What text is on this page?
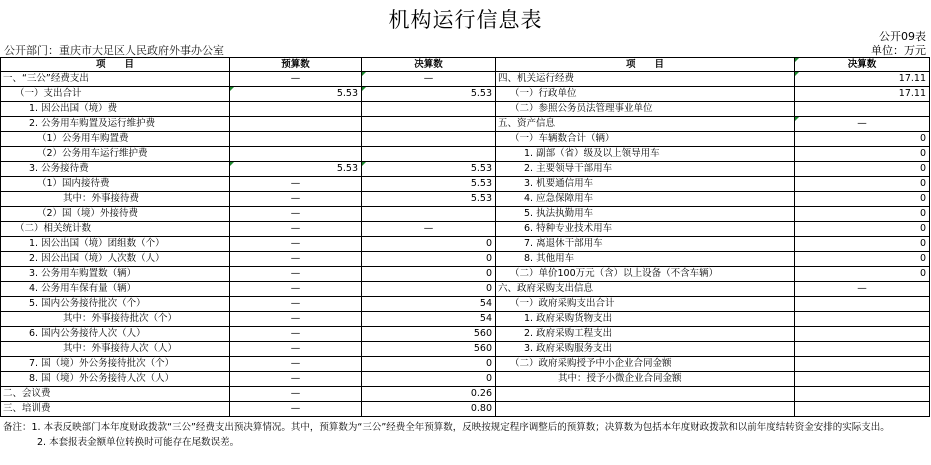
机构运行信息表
公开09表
公开部门：重庆市大足区人民政府外事办公室	单位：万元
项　　目	预算数	决算数	项　　目	决算数
一、“三公”经费支出	—	—	四、机关运行经费	17.11
（一）支出合计	5.53	5.53	（一）行政单位	17.11
1. 因公出国（境）费			（二）参照公务员法管理事业单位	
2. 公务用车购置及运行维护费			五、资产信息	—
（1）公务用车购置费			（一）车辆数合计（辆）	0
（2）公务用车运行维护费			1. 副部（省）级及以上领导用车	0
3. 公务接待费	5.53	5.53	2. 主要领导干部用车	0
（1）国内接待费	—	5.53	3. 机要通信用车	0
其中：外事接待费	—	5.53	4. 应急保障用车	0
（2）国（境）外接待费	—		5. 执法执勤用车	0
（二）相关统计数	—	—	6. 特种专业技术用车	0
1. 因公出国（境）团组数（个）	—	0	7. 离退休干部用车	0
2. 因公出国（境）人次数（人）	—	0	8. 其他用车	0
3. 公务用车购置数（辆）	—	0	（二）单价100万元（含）以上设备（不含车辆）	0
4. 公务用车保有量（辆）	—	0	六、政府采购支出信息	—
5. 国内公务接待批次（个）	—	54	（一）政府采购支出合计	
其中：外事接待批次（个）	—	54	1. 政府采购货物支出	
6. 国内公务接待人次（人）	—	560	2. 政府采购工程支出	
其中：外事接待人次（人）	—	560	3. 政府采购服务支出	
7. 国（境）外公务接待批次（个）	—	0	（二）政府采购授予中小企业合同金额	
8. 国（境）外公务接待人次（人）	—	0	其中：授予小微企业合同金额	
二、会议费	—	0.26		
三、培训费	—	0.80		
备注：1. 本表反映部门本年度财政拨款“三公”经费支出预决算情况。其中，预算数为“三公”经费全年预算数，反映按规定程序调整后的预算数；决算数为包括本年度财政拨款和以前年度结转资金安排的实际支出。
2. 本套报表金额单位转换时可能存在尾数误差。
